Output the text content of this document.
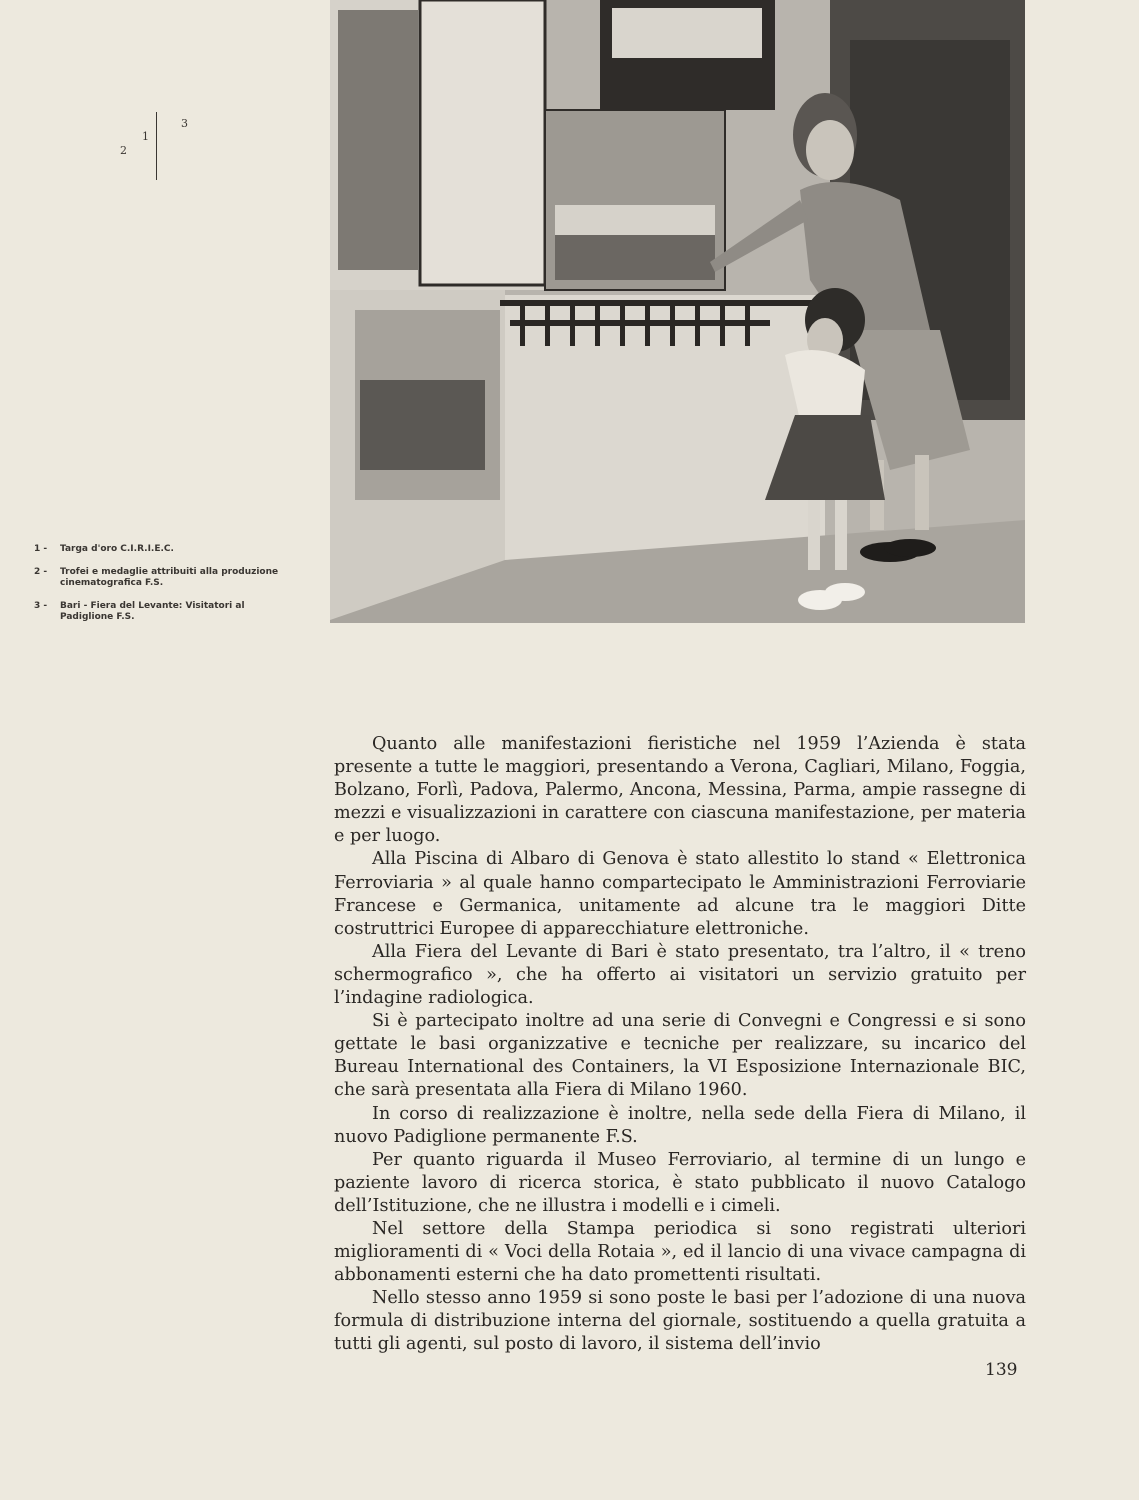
1
2
3
1 -	Targa d'oro C.I.R.I.E.C.
2 -	Trofei e medaglie attribuiti alla produzione cinematografica F.S.
3 -	Bari - Fiera del Levante: Visitatori al Padiglione F.S.

Quanto alle manifestazioni fieristiche nel 1959 l’Azienda è stata presente a tutte le maggiori, presentando a Verona, Cagliari, Milano, Foggia, Bolzano, Forlì, Padova, Palermo, Ancona, Messina, Parma, ampie rassegne di mezzi e visualizzazioni in carattere con ciascuna manifestazione, per materia e per luogo.

Alla Piscina di Albaro di Genova è stato allestito lo stand « Elettronica Ferroviaria » al quale hanno compartecipato le Amministrazioni Ferroviarie Francese e Germanica, unitamente ad alcune tra le maggiori Ditte costruttrici Europee di apparecchiature elettroniche.

Alla Fiera del Levante di Bari è stato presentato, tra l’altro, il « treno schermografico », che ha offerto ai visitatori un servizio gratuito per l’indagine radiologica.

Si è partecipato inoltre ad una serie di Convegni e Congressi e si sono gettate le basi organizzative e tecniche per realizzare, su incarico del Bureau International des Containers, la VI Esposizione Internazionale BIC, che sarà presentata alla Fiera di Milano 1960.

In corso di realizzazione è inoltre, nella sede della Fiera di Milano, il nuovo Padiglione permanente F.S.

Per quanto riguarda il Museo Ferroviario, al termine di un lungo e paziente lavoro di ricerca storica, è stato pubblicato il nuovo Catalogo dell’Istituzione, che ne illustra i modelli e i cimeli.

Nel settore della Stampa periodica si sono registrati ulteriori miglioramenti di « Voci della Rotaia », ed il lancio di una vivace campagna di abbonamenti esterni che ha dato promettenti risultati.

Nello stesso anno 1959 si sono poste le basi per l’adozione di una nuova formula di distribuzione interna del giornale, sostituendo a quella gratuita a tutti gli agenti, sul posto di lavoro, il sistema dell’invio

139
